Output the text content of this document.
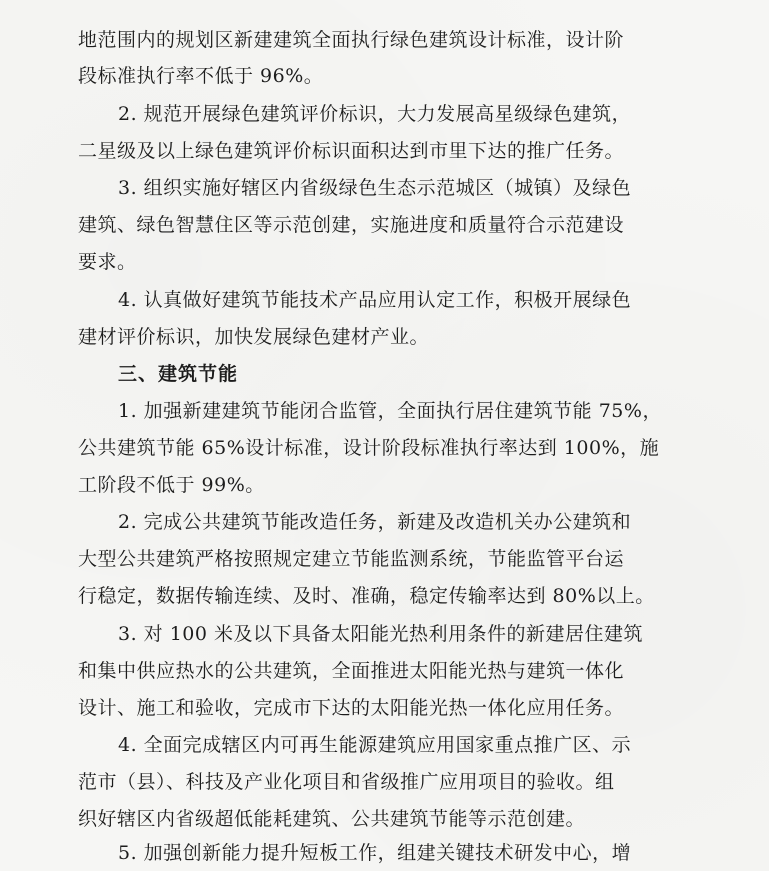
地范围内的规划区新建建筑全面执行绿色建筑设计标准，设计阶

段标准执行率不低于 96%。

2. 规范开展绿色建筑评价标识，大力发展高星级绿色建筑，

二星级及以上绿色建筑评价标识面积达到市里下达的推广任务。

3. 组织实施好辖区内省级绿色生态示范城区（城镇）及绿色

建筑、绿色智慧住区等示范创建，实施进度和质量符合示范建设

要求。

4. 认真做好建筑节能技术产品应用认定工作，积极开展绿色

建材评价标识，加快发展绿色建材产业。

三、建筑节能

1. 加强新建建筑节能闭合监管，全面执行居住建筑节能 75%，

公共建筑节能 65%设计标准，设计阶段标准执行率达到 100%，施

工阶段不低于 99%。

2. 完成公共建筑节能改造任务，新建及改造机关办公建筑和

大型公共建筑严格按照规定建立节能监测系统，节能监管平台运

行稳定，数据传输连续、及时、准确，稳定传输率达到 80%以上。

3. 对 100 米及以下具备太阳能光热利用条件的新建居住建筑

和集中供应热水的公共建筑，全面推进太阳能光热与建筑一体化

设计、施工和验收，完成市下达的太阳能光热一体化应用任务。

4. 全面完成辖区内可再生能源建筑应用国家重点推广区、示

范市（县）、科技及产业化项目和省级推广应用项目的验收。组

织好辖区内省级超低能耗建筑、公共建筑节能等示范创建。

5. 加强创新能力提升短板工作，组建关键技术研发中心，增
